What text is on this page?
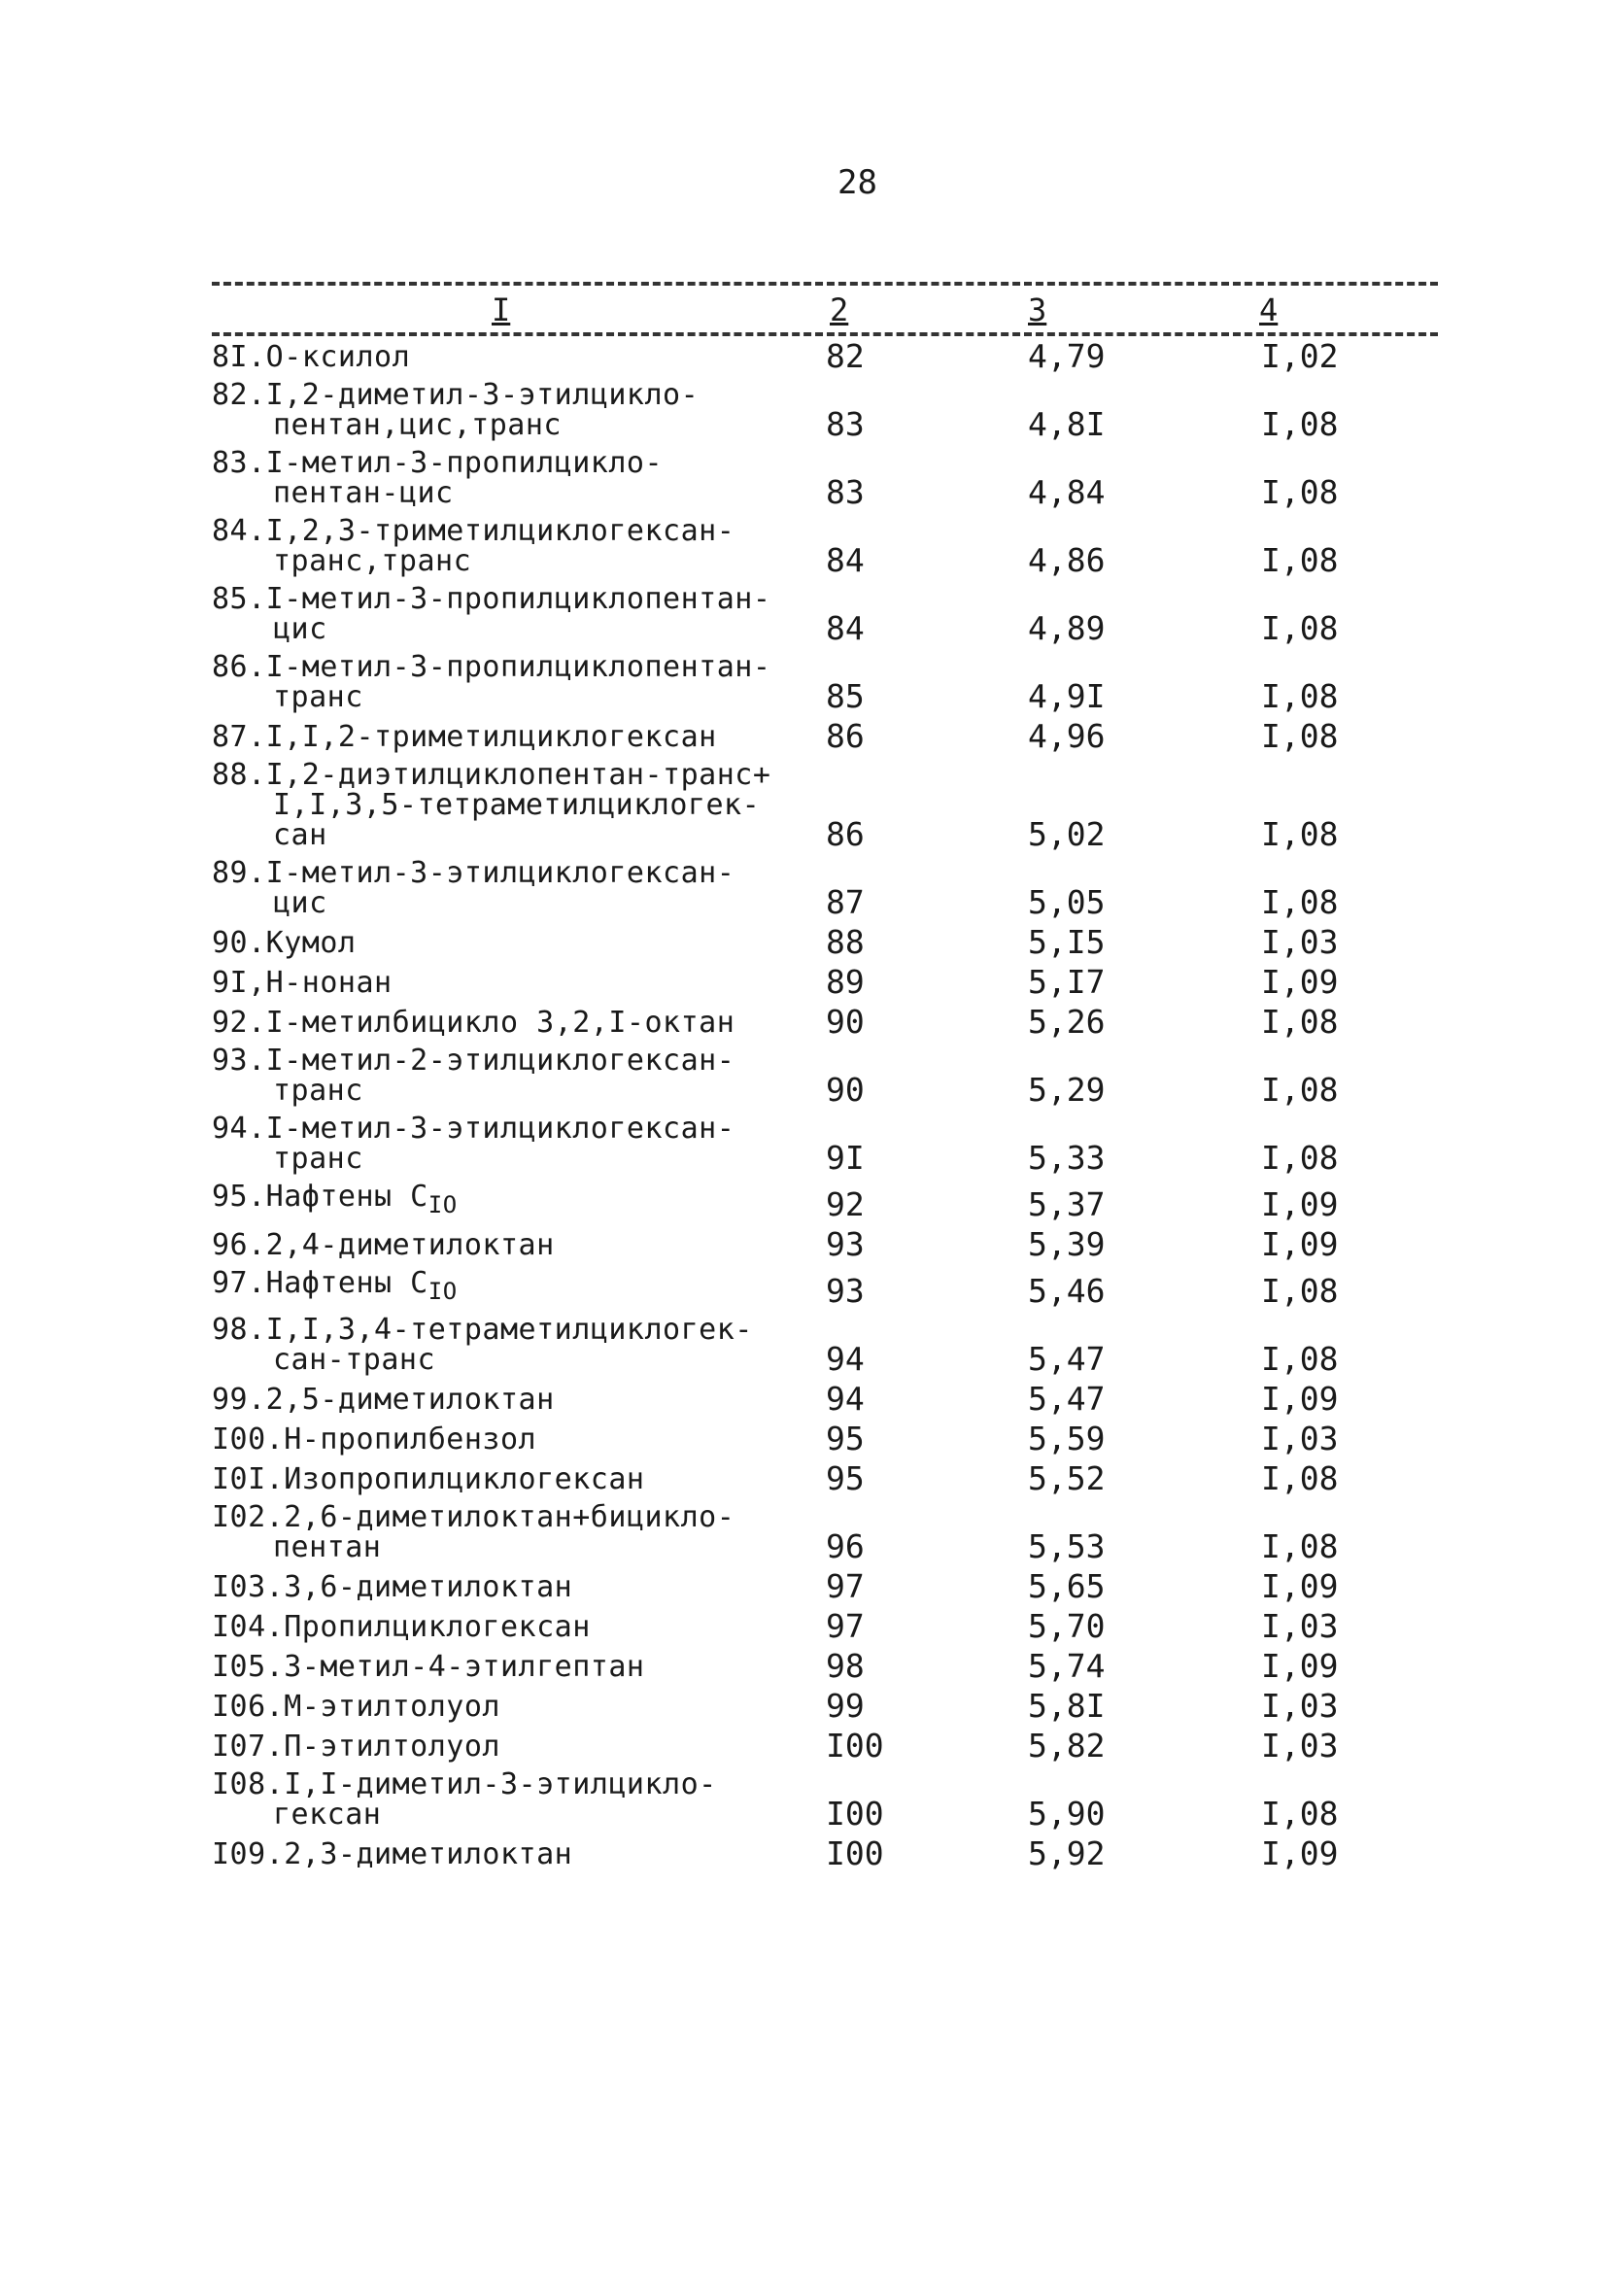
28
I	2	3	4
8I.O-ксилол	82	4,79	I,02
82.I,2-диметил-3-этилцикло-
пентан,цис,транс	83	4,8I	I,08
83.I-метил-3-пропилцикло-
пентан-цис	83	4,84	I,08
84.I,2,3-триметилциклогексан-
транс,транс	84	4,86	I,08
85.I-метил-3-пропилциклопентан-
цис	84	4,89	I,08
86.I-метил-3-пропилциклопентан-
транс	85	4,9I	I,08
87.I,I,2-триметилциклогексан	86	4,96	I,08
88.I,2-диэтилциклопентан-транс+
I,I,3,5-тетраметилциклогек-
сан	86	5,02	I,08
89.I-метил-3-этилциклогексан-
цис	87	5,05	I,08
90.Кумол	88	5,I5	I,03
9I,Н-нонан	89	5,I7	I,09
92.I-метилбицикло 3,2,I-октан	90	5,26	I,08
93.I-метил-2-этилциклогексан-
транс	90	5,29	I,08
94.I-метил-3-этилциклогексан-
транс	9I	5,33	I,08
95.Нафтены $C_{IO}$	92	5,37	I,09
96.2,4-диметилоктан	93	5,39	I,09
97.Нафтены $C_{IO}$	93	5,46	I,08
98.I,I,3,4-тетраметилциклогек-
сан-транс	94	5,47	I,08
99.2,5-диметилоктан	94	5,47	I,09
I00.Н-пропилбензол	95	5,59	I,03
I0I.Изопропилциклогексан	95	5,52	I,08
I02.2,6-диметилоктан+бицикло-
пентан	96	5,53	I,08
I03.3,6-диметилоктан	97	5,65	I,09
I04.Пропилциклогексан	97	5,70	I,03
I05.3-метил-4-этилгептан	98	5,74	I,09
I06.М-этилтолуол	99	5,8I	I,03
I07.П-этилтолуол	I00	5,82	I,03
I08.I,I-диметил-3-этилцикло-
гексан	I00	5,90	I,08
I09.2,3-диметилоктан	I00	5,92	I,09
